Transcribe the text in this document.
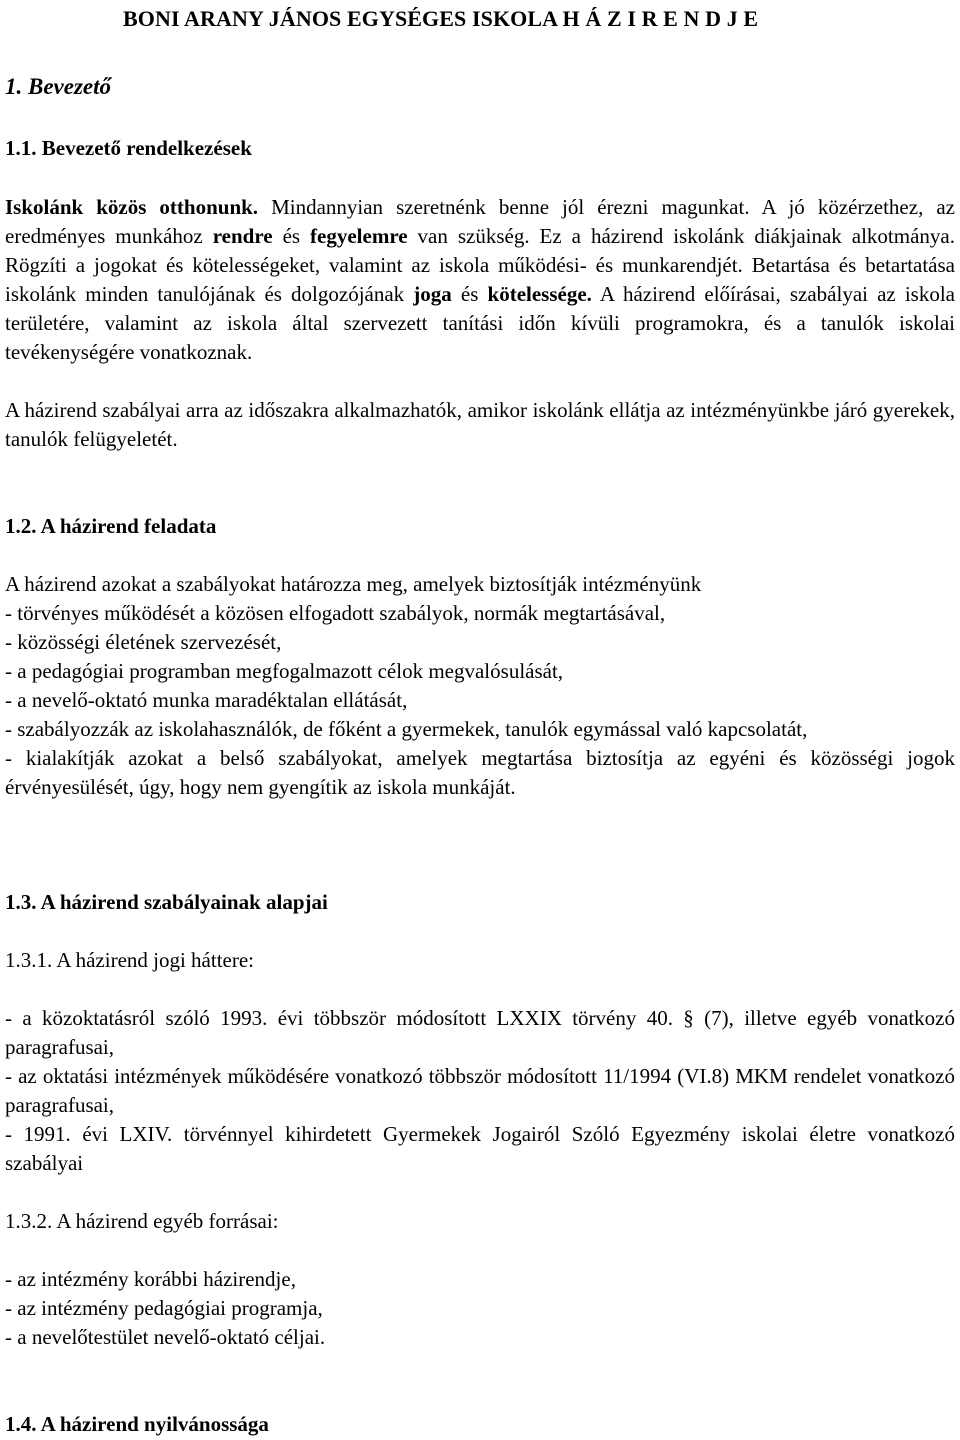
BONI ARANY JÁNOS EGYSÉGES ISKOLA H Á Z I R E N D J E
1. Bevezető
1.1. Bevezető rendelkezések
Iskolánk közös otthonunk. Mindannyian szeretnénk benne jól érezni magunkat. A jó közérzethez, az eredményes munkához rendre és fegyelemre van szükség. Ez a házirend iskolánk diákjainak alkotmánya. Rögzíti a jogokat és kötelességeket, valamint az iskola működési- és munkarendjét. Betartása és betartatása iskolánk minden tanulójának és dolgozójának joga és kötelessége. A házirend előírásai, szabályai az iskola területére, valamint az iskola által szervezett tanítási időn kívüli programokra, és a tanulók iskolai tevékenységére vonatkoznak.
A házirend szabályai arra az időszakra alkalmazhatók, amikor iskolánk ellátja az intézményünkbe járó gyerekek, tanulók felügyeletét.
1.2. A házirend feladata
A házirend azokat a szabályokat határozza meg, amelyek biztosítják intézményünk
- törvényes működését a közösen elfogadott szabályok, normák megtartásával,
- közösségi életének szervezését,
- a pedagógiai programban megfogalmazott célok megvalósulását,
- a nevelő-oktató munka maradéktalan ellátását,
- szabályozzák az iskolahasználók, de főként a gyermekek, tanulók egymással való kapcsolatát,
- kialakítják azokat a belső szabályokat, amelyek megtartása biztosítja az egyéni és közösségi jogok érvényesülését, úgy, hogy nem gyengítik az iskola munkáját.
1.3. A házirend szabályainak alapjai
1.3.1. A házirend jogi háttere:
- a közoktatásról szóló 1993. évi többször módosított LXXIX törvény 40. § (7), illetve egyéb vonatkozó paragrafusai,
- az oktatási intézmények működésére vonatkozó többször módosított 11/1994 (VI.8) MKM rendelet vonatkozó paragrafusai,
- 1991. évi LXIV. törvénnyel kihirdetett Gyermekek Jogairól Szóló Egyezmény iskolai életre vonatkozó szabályai
1.3.2. A házirend egyéb forrásai:
- az intézmény korábbi házirendje,
- az intézmény pedagógiai programja,
- a nevelőtestület nevelő-oktató céljai.
1.4. A házirend nyilvánossága
